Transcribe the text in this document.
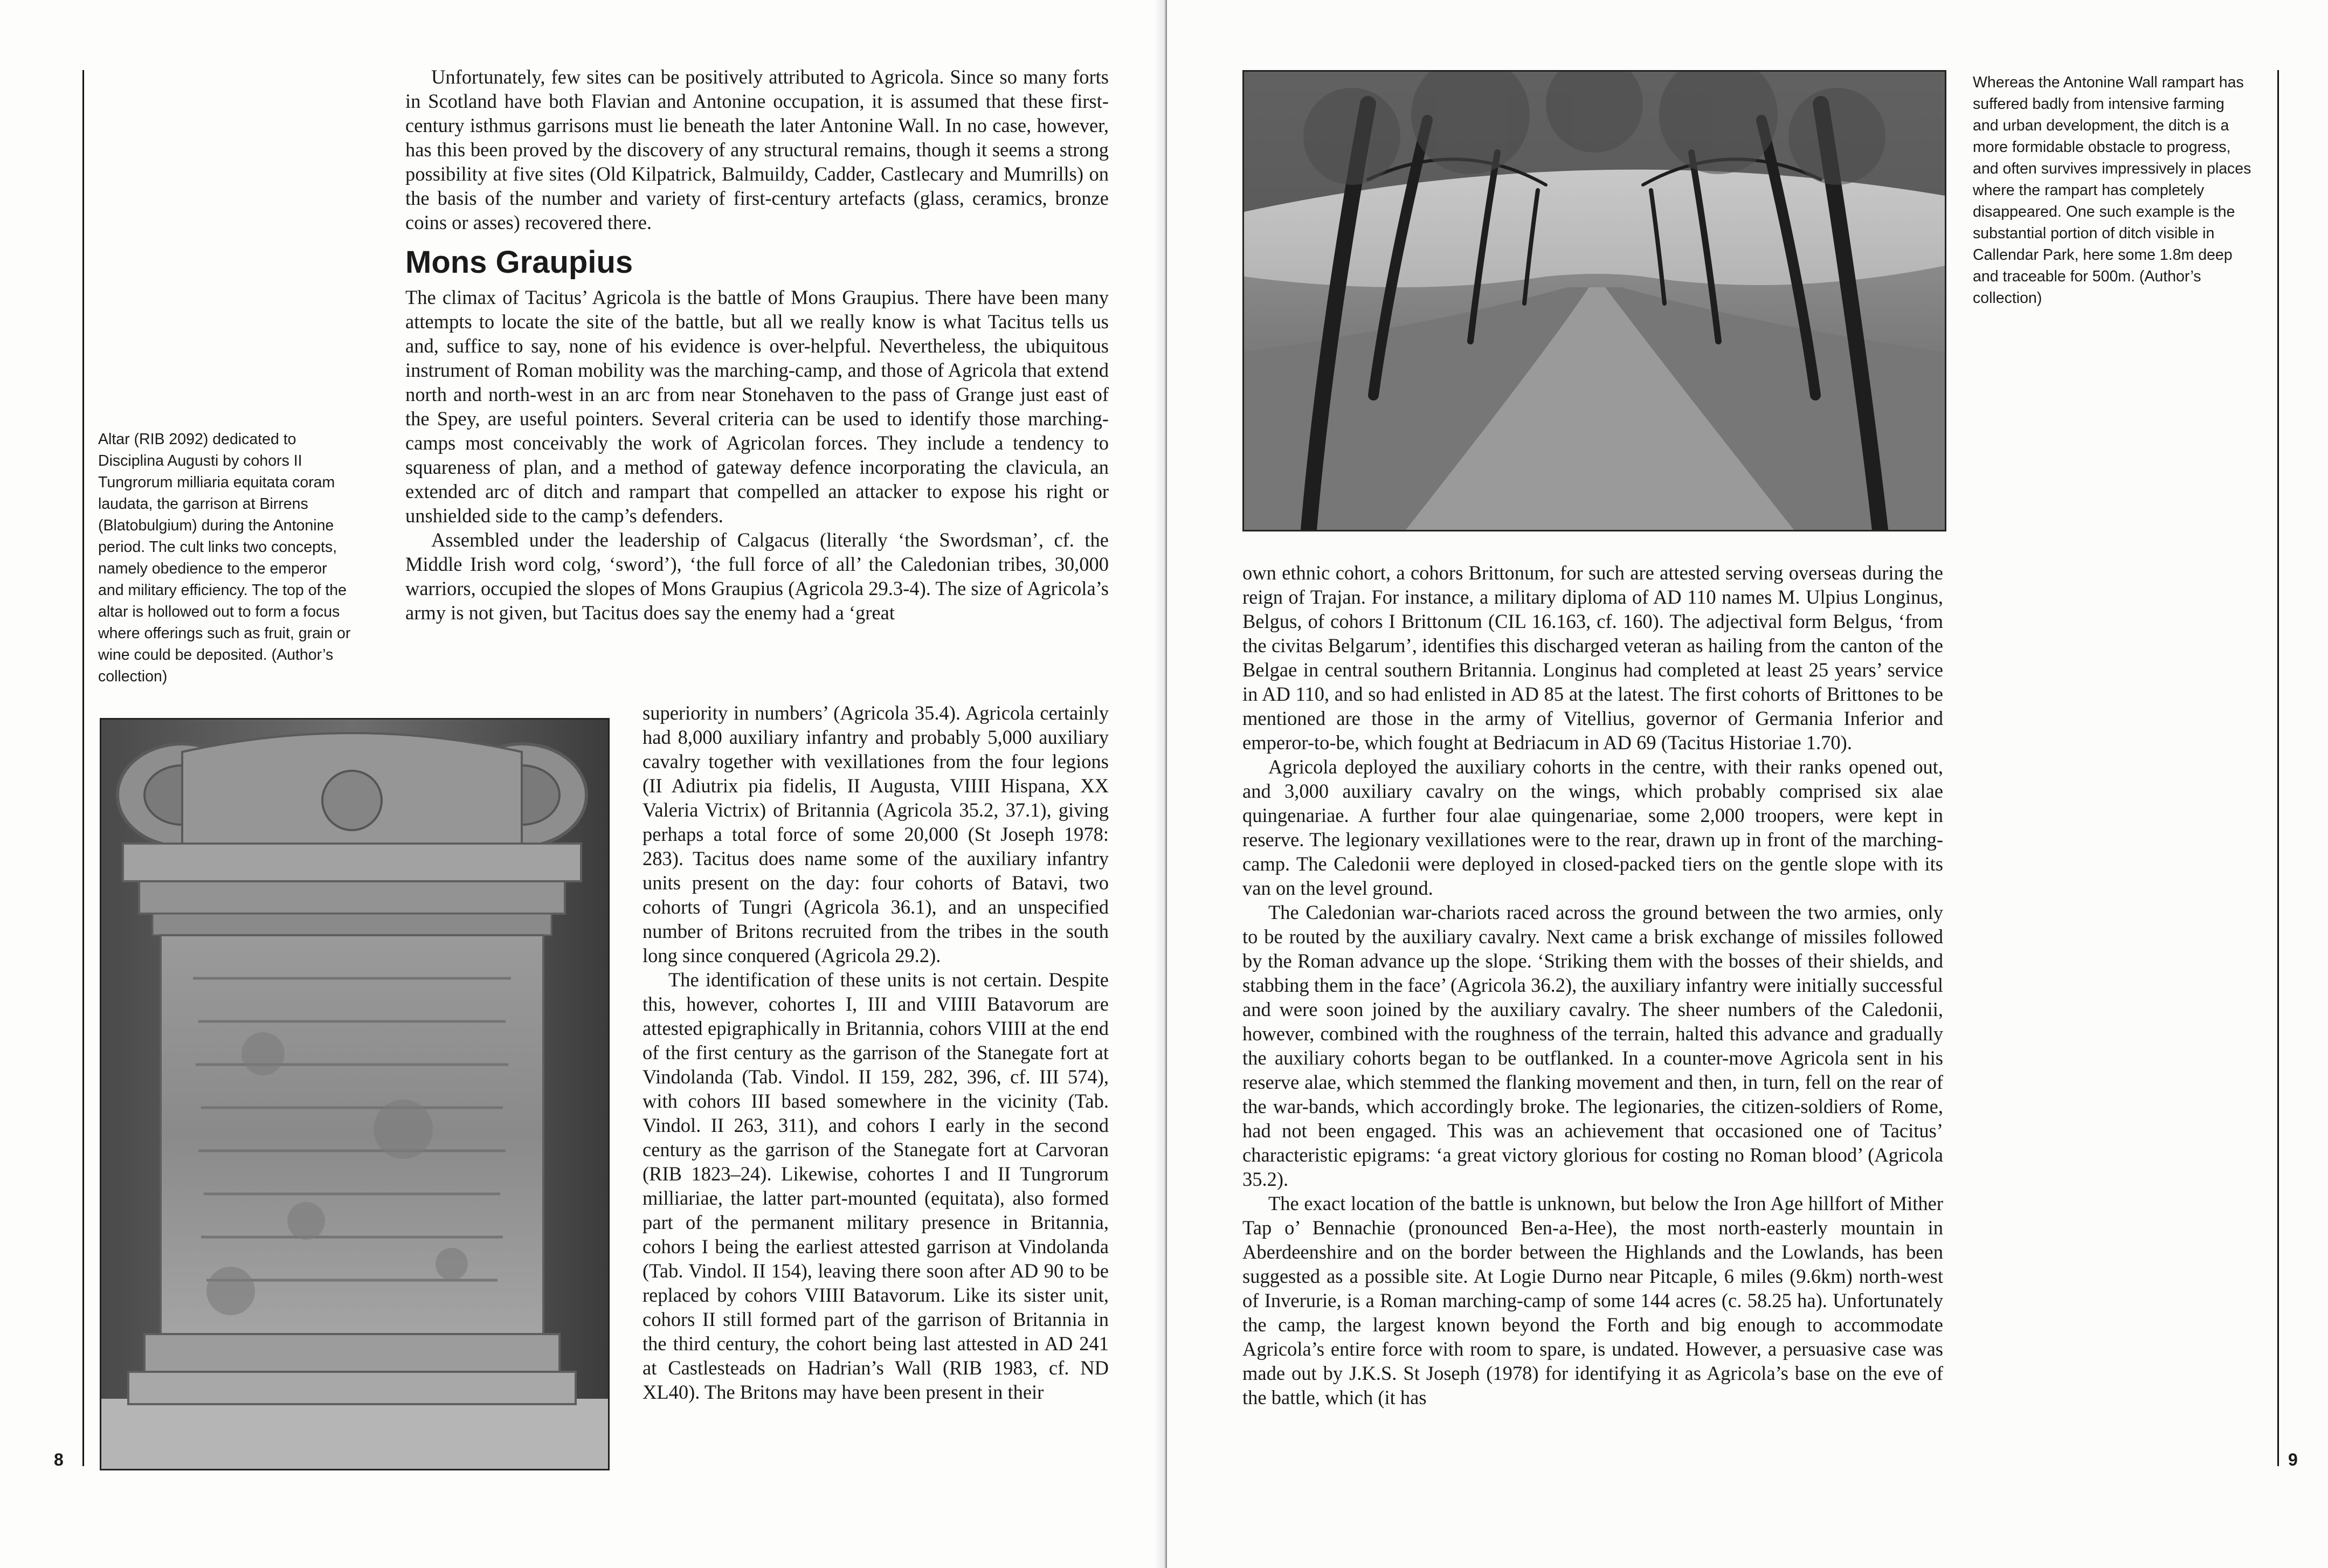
8

Unfortunately, few sites can be positively attributed to Agricola. Since so many forts in Scotland have both Flavian and Antonine occupation, it is assumed that these first-century isthmus garrisons must lie beneath the later Antonine Wall. In no case, however, has this been proved by the discovery of any structural remains, though it seems a strong possibility at five sites (Old Kilpatrick, Balmuildy, Cadder, Castlecary and Mumrills) on the basis of the number and variety of first-century artefacts (glass, ceramics, bronze coins or asses) recovered there.

Mons Graupius

The climax of Tacitus’ Agricola is the battle of Mons Graupius. There have been many attempts to locate the site of the battle, but all we really know is what Tacitus tells us and, suffice to say, none of his evidence is over-helpful. Nevertheless, the ubiquitous instrument of Roman mobility was the marching-camp, and those of Agricola that extend north and north-west in an arc from near Stonehaven to the pass of Grange just east of the Spey, are useful pointers. Several criteria can be used to identify those marching-camps most conceivably the work of Agricolan forces. They include a tendency to squareness of plan, and a method of gateway defence incorporating the clavicula, an extended arc of ditch and rampart that compelled an attacker to expose his right or unshielded side to the camp’s defenders.

Assembled under the leadership of Calgacus (literally ‘the Swordsman’, cf. the Middle Irish word colg, ‘sword’), ‘the full force of all’ the Caledonian tribes, 30,000 warriors, occupied the slopes of Mons Graupius (Agricola 29.3-4). The size of Agricola’s army is not given, but Tacitus does say the enemy had a ‘great

Altar (RIB 2092) dedicated to Disciplina Augusti by cohors II Tungrorum milliaria equitata coram laudata, the garrison at Birrens (Blatobulgium) during the Antonine period. The cult links two concepts, namely obedience to the emperor and military efficiency. The top of the altar is hollowed out to form a focus where offerings such as fruit, grain or wine could be deposited. (Author’s collection)

superiority in numbers’ (Agricola 35.4). Agricola certainly had 8,000 auxiliary infantry and probably 5,000 auxiliary cavalry together with vexillationes from the four legions (II Adiutrix pia fidelis, II Augusta, VIIII Hispana, XX Valeria Victrix) of Britannia (Agricola 35.2, 37.1), giving perhaps a total force of some 20,000 (St Joseph 1978: 283). Tacitus does name some of the auxiliary infantry units present on the day: four cohorts of Batavi, two cohorts of Tungri (Agricola 36.1), and an unspecified number of Britons recruited from the tribes in the south long since conquered (Agricola 29.2).

The identification of these units is not certain. Despite this, however, cohortes I, III and VIIII Batavorum are attested epigraphically in Britannia, cohors VIIII at the end of the first century as the garrison of the Stanegate fort at Vindolanda (Tab. Vindol. II 159, 282, 396, cf. III 574), with cohors III based somewhere in the vicinity (Tab. Vindol. II 263, 311), and cohors I early in the second century as the garrison of the Stanegate fort at Carvoran (RIB 1823–24). Likewise, cohortes I and II Tungrorum milliariae, the latter part-mounted (equitata), also formed part of the permanent military presence in Britannia, cohors I being the earliest attested garrison at Vindolanda (Tab. Vindol. II 154), leaving there soon after AD 90 to be replaced by cohors VIIII Batavorum. Like its sister unit, cohors II still formed part of the garrison of Britannia in the third century, the cohort being last attested in AD 241 at Castlesteads on Hadrian’s Wall (RIB 1983, cf. ND XL40). The Britons may have been present in their

9

Whereas the Antonine Wall rampart has suffered badly from intensive farming and urban development, the ditch is a more formidable obstacle to progress, and often survives impressively in places where the rampart has completely disappeared. One such example is the substantial portion of ditch visible in Callendar Park, here some 1.8m deep and traceable for 500m. (Author’s collection)

own ethnic cohort, a cohors Brittonum, for such are attested serving overseas during the reign of Trajan. For instance, a military diploma of AD 110 names M. Ulpius Longinus, Belgus, of cohors I Brittonum (CIL 16.163, cf. 160). The adjectival form Belgus, ‘from the civitas Belgarum’, identifies this discharged veteran as hailing from the canton of the Belgae in central southern Britannia. Longinus had completed at least 25 years’ service in AD 110, and so had enlisted in AD 85 at the latest. The first cohorts of Brittones to be mentioned are those in the army of Vitellius, governor of Germania Inferior and emperor-to-be, which fought at Bedriacum in AD 69 (Tacitus Historiae 1.70).

Agricola deployed the auxiliary cohorts in the centre, with their ranks opened out, and 3,000 auxiliary cavalry on the wings, which probably comprised six alae quingenariae. A further four alae quingenariae, some 2,000 troopers, were kept in reserve. The legionary vexillationes were to the rear, drawn up in front of the marching-camp. The Caledonii were deployed in closed-packed tiers on the gentle slope with its van on the level ground.

The Caledonian war-chariots raced across the ground between the two armies, only to be routed by the auxiliary cavalry. Next came a brisk exchange of missiles followed by the Roman advance up the slope. ‘Striking them with the bosses of their shields, and stabbing them in the face’ (Agricola 36.2), the auxiliary infantry were initially successful and were soon joined by the auxiliary cavalry. The sheer numbers of the Caledonii, however, combined with the roughness of the terrain, halted this advance and gradually the auxiliary cohorts began to be outflanked. In a counter-move Agricola sent in his reserve alae, which stemmed the flanking movement and then, in turn, fell on the rear of the war-bands, which accordingly broke. The legionaries, the citizen-soldiers of Rome, had not been engaged. This was an achievement that occasioned one of Tacitus’ characteristic epigrams: ‘a great victory glorious for costing no Roman blood’ (Agricola 35.2).

The exact location of the battle is unknown, but below the Iron Age hillfort of Mither Tap o’ Bennachie (pronounced Ben-a-Hee), the most north-easterly mountain in Aberdeenshire and on the border between the Highlands and the Lowlands, has been suggested as a possible site. At Logie Durno near Pitcaple, 6 miles (9.6km) north-west of Inverurie, is a Roman marching-camp of some 144 acres (c. 58.25 ha). Unfortunately the camp, the largest known beyond the Forth and big enough to accommodate Agricola’s entire force with room to spare, is undated. However, a persuasive case was made out by J.K.S. St Joseph (1978) for identifying it as Agricola’s base on the eve of the battle, which (it has
